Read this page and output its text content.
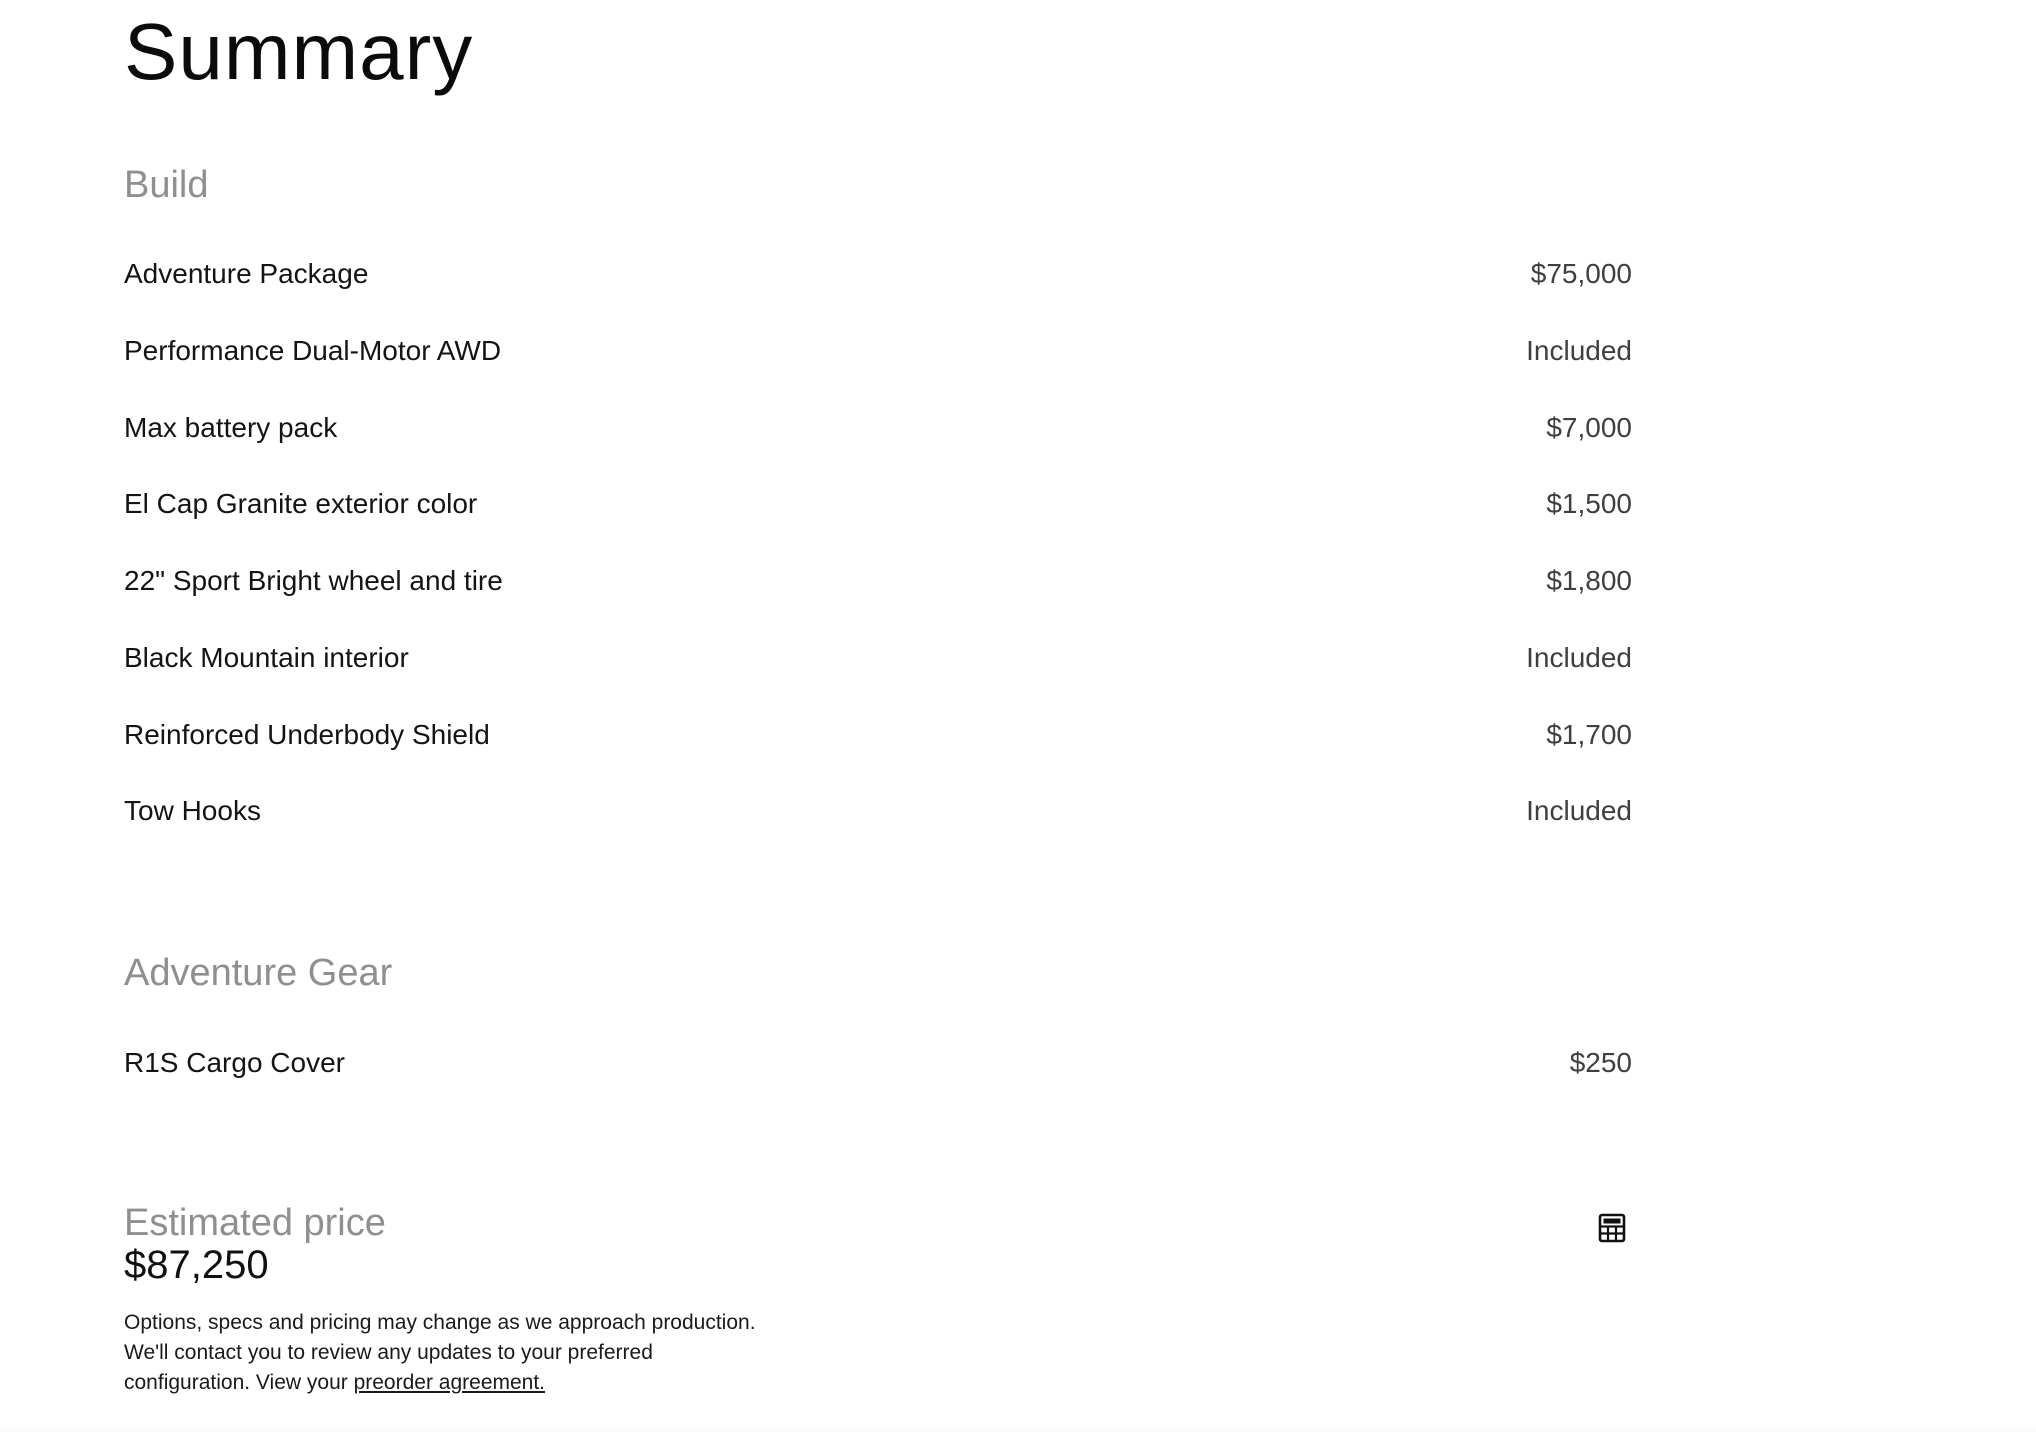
Summary
Build
Adventure Package	$75,000
Performance Dual-Motor AWD	Included
Max battery pack	$7,000
El Cap Granite exterior color	$1,500
22" Sport Bright wheel and tire	$1,800
Black Mountain interior	Included
Reinforced Underbody Shield	$1,700
Tow Hooks	Included
Adventure Gear
R1S Cargo Cover	$250
Estimated price
$87,250

Options, specs and pricing may change as we approach production. We'll contact you to review any updates to your preferred configuration. View your preorder agreement.
